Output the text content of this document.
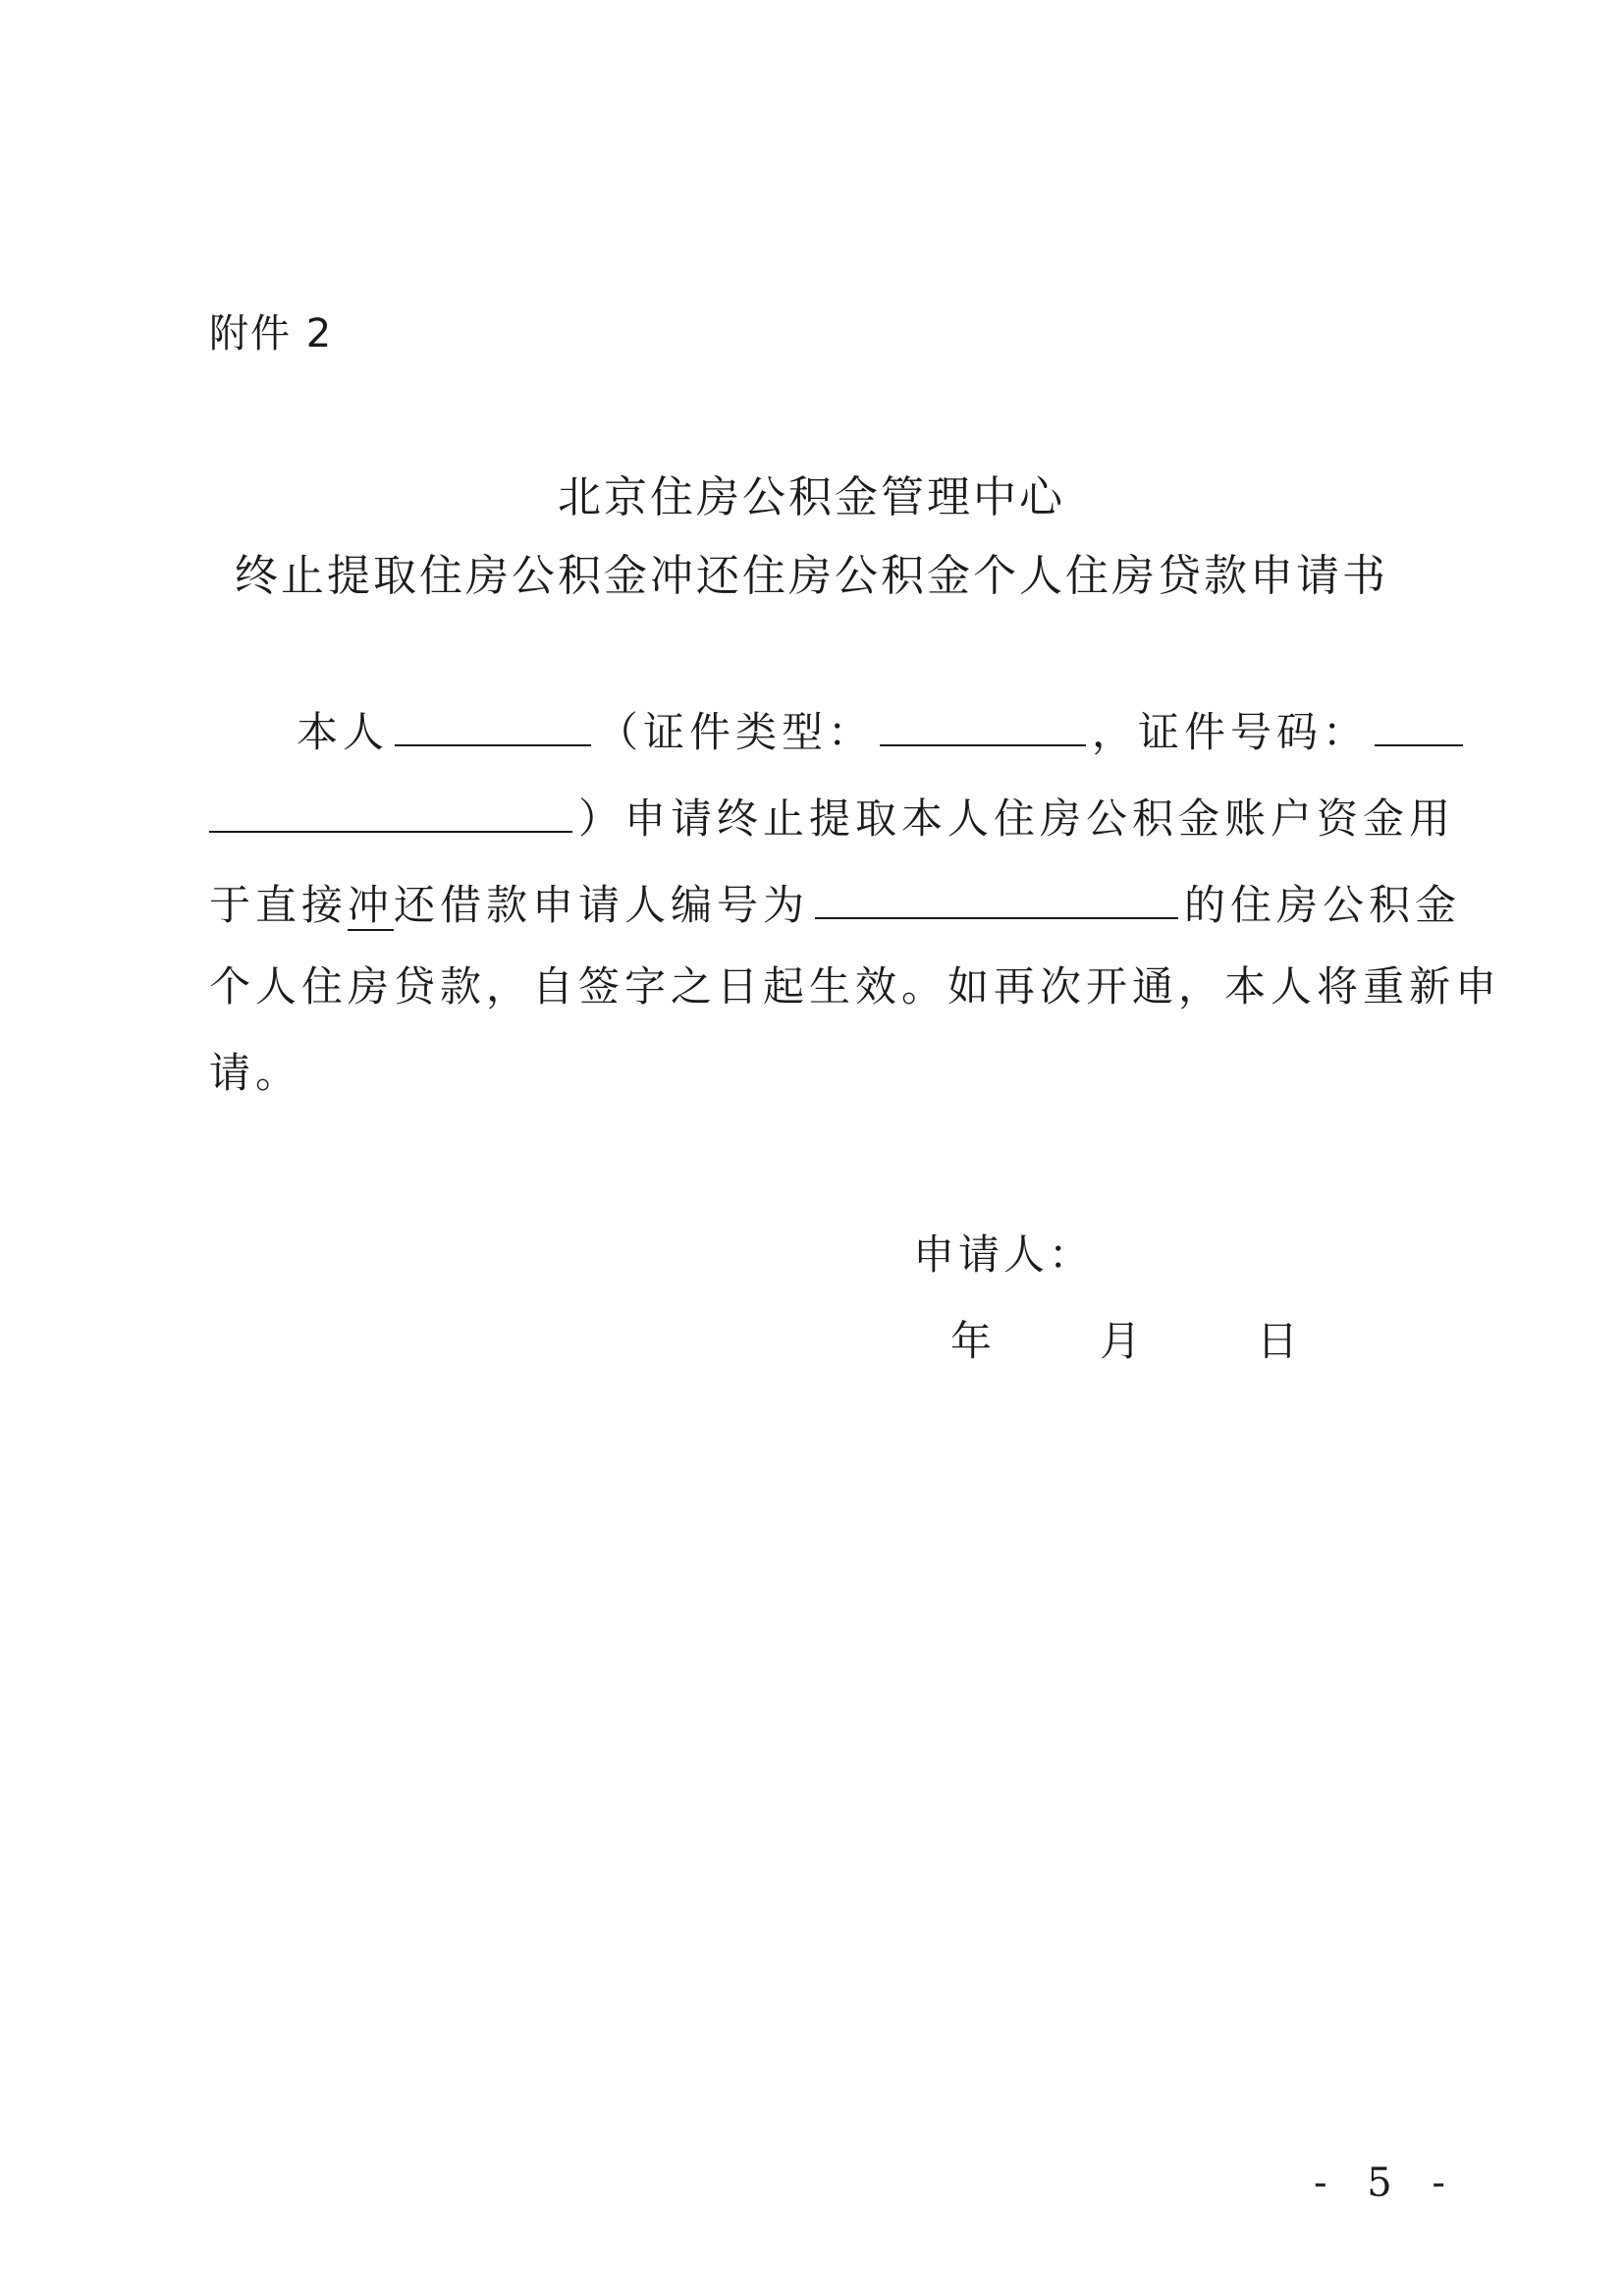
附件 2
北京住房公积金管理中心
终止提取住房公积金冲还住房公积金个人住房贷款申请书
本人	（证件类型：	，证件号码：
）申请终止提取本人住房公积金账户资金用
于直接冲还借款申请人编号为	的住房公积金
个人住房贷款，自签字之日起生效。如再次开通，本人将重新申
请。
申请人：
年	月	日
- 5 -
